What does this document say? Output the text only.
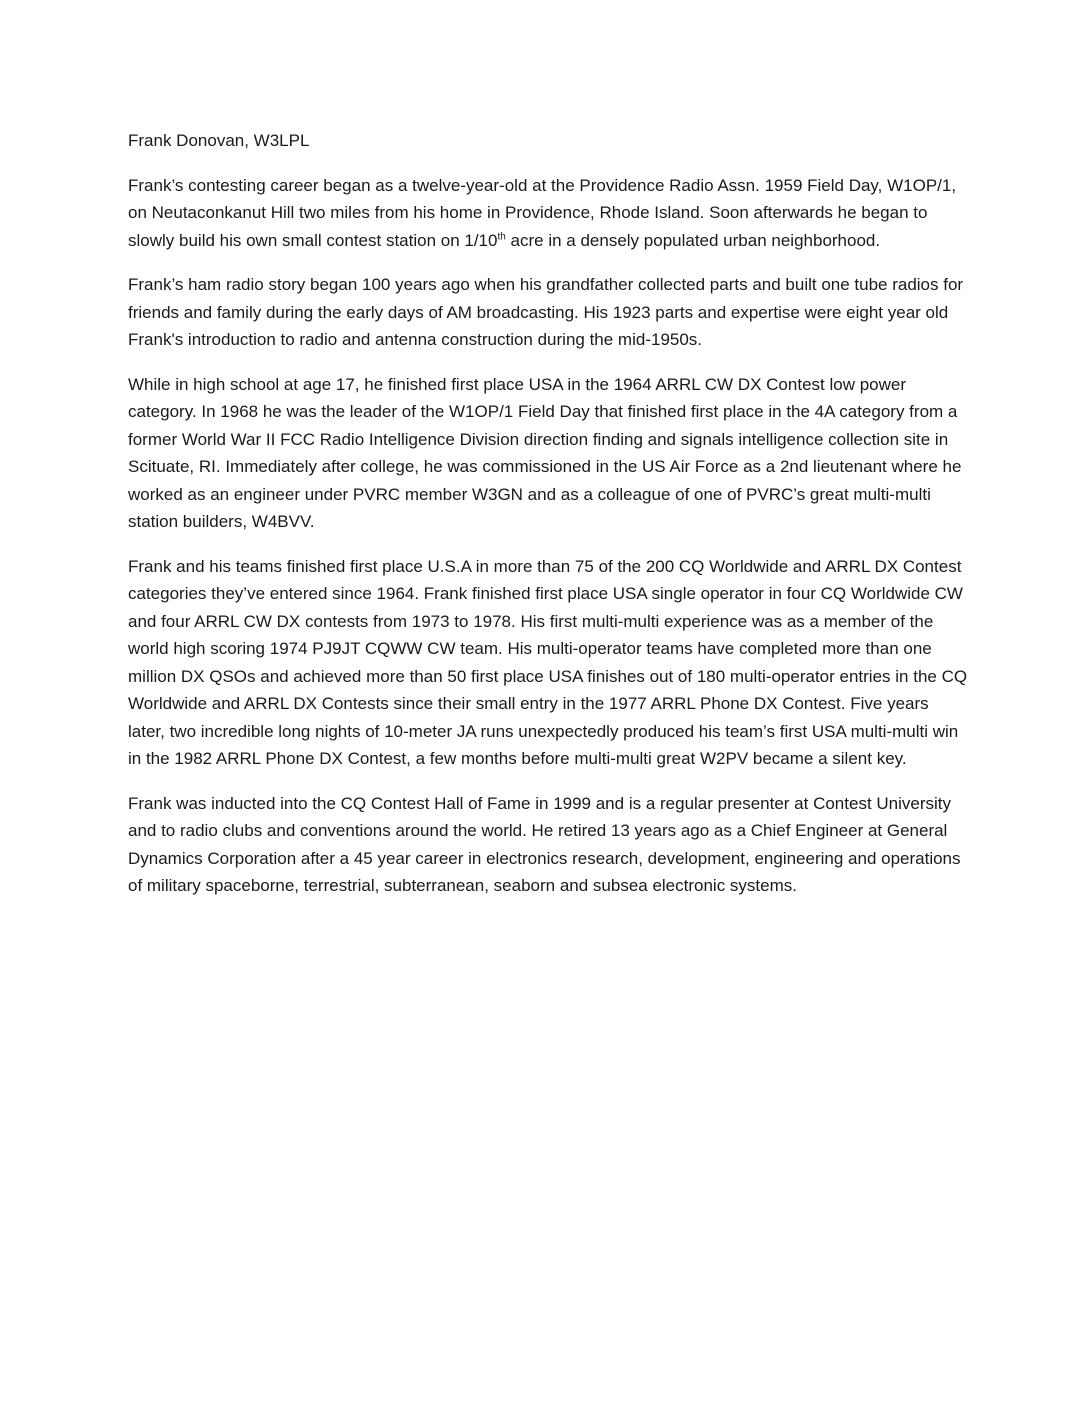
Frank Donovan, W3LPL

Frank’s contesting career began as a twelve-year-old at the Providence Radio Assn. 1959 Field Day, W1OP/1, on Neutaconkanut Hill two miles from his home in Providence, Rhode Island. Soon afterwards he began to slowly build his own small contest station on 1/10th acre in a densely populated urban neighborhood.

Frank’s ham radio story began 100 years ago when his grandfather collected parts and built one tube radios for friends and family during the early days of AM broadcasting. His 1923 parts and expertise were eight year old Frank's introduction to radio and antenna construction during the mid-1950s.

While in high school at age 17, he finished first place USA in the 1964 ARRL CW DX Contest low power category. In 1968 he was the leader of the W1OP/1 Field Day that finished first place in the 4A category from a former World War II FCC Radio Intelligence Division direction finding and signals intelligence collection site in Scituate, RI. Immediately after college, he was commissioned in the US Air Force as a 2nd lieutenant where he worked as an engineer under PVRC member W3GN and as a colleague of one of PVRC’s great multi-multi station builders, W4BVV.

Frank and his teams finished first place U.S.A in more than 75 of the 200 CQ Worldwide and ARRL DX Contest categories they’ve entered since 1964. Frank finished first place USA single operator in four CQ Worldwide CW and four ARRL CW DX contests from 1973 to 1978. His first multi-multi experience was as a member of the world high scoring 1974 PJ9JT CQWW CW team. His multi-operator teams have completed more than one million DX QSOs and achieved more than 50 first place USA finishes out of 180 multi-operator entries in the CQ Worldwide and ARRL DX Contests since their small entry in the 1977 ARRL Phone DX Contest. Five years later, two incredible long nights of 10-meter JA runs unexpectedly produced his team’s first USA multi-multi win in the 1982 ARRL Phone DX Contest, a few months before multi-multi great W2PV became a silent key.

Frank was inducted into the CQ Contest Hall of Fame in 1999 and is a regular presenter at Contest University and to radio clubs and conventions around the world. He retired 13 years ago as a Chief Engineer at General Dynamics Corporation after a 45 year career in electronics research, development, engineering and operations of military spaceborne, terrestrial, subterranean, seaborn and subsea electronic systems.
